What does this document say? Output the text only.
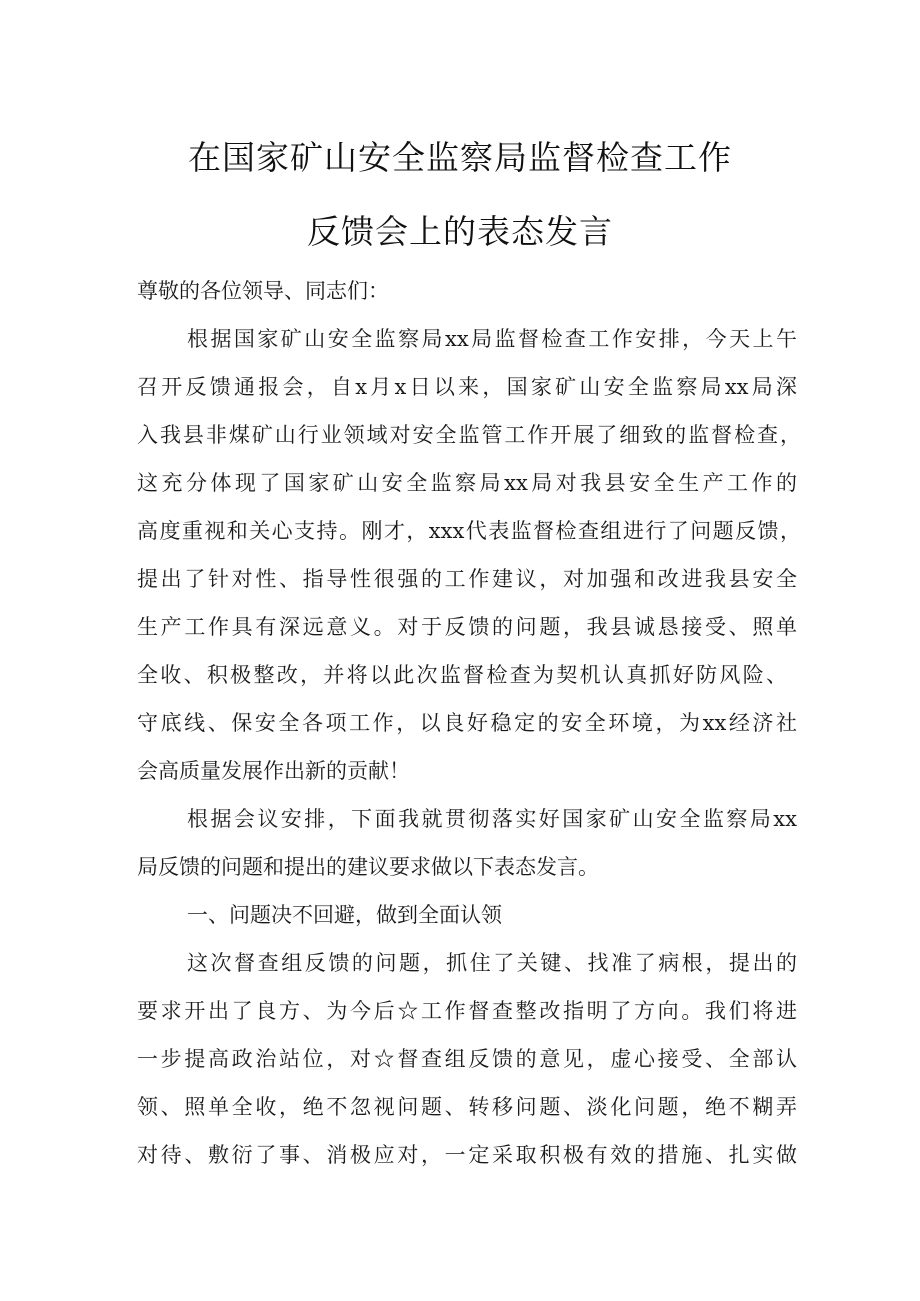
在国家矿山安全监察局监督检查工作
反馈会上的表态发言
尊敬的各位领导、同志们：
根据国家矿山安全监察局xx局监督检查工作安排，今天上午
召开反馈通报会，自x月x日以来，国家矿山安全监察局xx局深
入我县非煤矿山行业领域对安全监管工作开展了细致的监督检查，
这充分体现了国家矿山安全监察局xx局对我县安全生产工作的
高度重视和关心支持。刚才，xxx代表监督检查组进行了问题反馈，
提出了针对性、指导性很强的工作建议，对加强和改进我县安全
生产工作具有深远意义。对于反馈的问题，我县诚恳接受、照单
全收、积极整改，并将以此次监督检查为契机认真抓好防风险、
守底线、保安全各项工作，以良好稳定的安全环境，为xx经济社
会高质量发展作出新的贡献！
根据会议安排，下面我就贯彻落实好国家矿山安全监察局xx
局反馈的问题和提出的建议要求做以下表态发言。
一、问题决不回避，做到全面认领
这次督查组反馈的问题，抓住了关键、找准了病根，提出的
要求开出了良方、为今后☆工作督查整改指明了方向。我们将进
一步提高政治站位，对☆督查组反馈的意见，虚心接受、全部认
领、照单全收，绝不忽视问题、转移问题、淡化问题，绝不糊弄
对待、敷衍了事、消极应对，一定采取积极有效的措施、扎实做
